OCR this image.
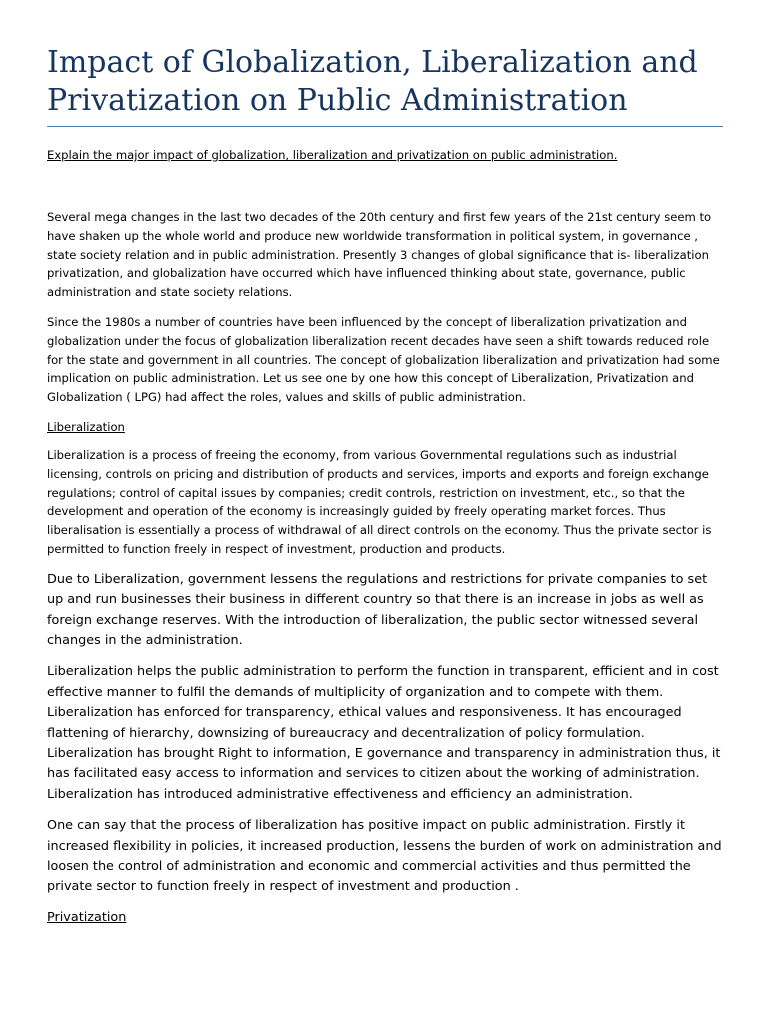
Impact of Globalization, Liberalization and Privatization on Public Administration
Explain the major impact of globalization, liberalization and privatization on public administration.

Several mega changes in the last two decades of the 20th century and first few years of the 21st century seem to have shaken up the whole world and produce new worldwide transformation in political system, in governance , state society relation and in public administration. Presently 3 changes of global significance that is- liberalization privatization, and globalization have occurred which have influenced thinking about state, governance, public administration and state society relations.

Since the 1980s a number of countries have been influenced by the concept of liberalization privatization and globalization under the focus of globalization liberalization recent decades have seen a shift towards reduced role for the state and government in all countries. The concept of globalization liberalization and privatization had some implication on public administration. Let us see one by one how this concept of Liberalization, Privatization and Globalization ( LPG) had affect the roles, values and skills of public administration.

Liberalization

Liberalization is a process of freeing the economy, from various Governmental regulations such as industrial licensing, controls on pricing and distribution of products and services, imports and exports and foreign exchange regulations; control of capital issues by companies; credit controls, restriction on investment, etc., so that the development and operation of the economy is increasingly guided by freely operating market forces. Thus liberalisation is essentially a process of withdrawal of all direct controls on the economy. Thus the private sector is permitted to function freely in respect of investment, production and products.

Due to Liberalization, government lessens the regulations and restrictions for private companies to set up and run businesses their business in different country so that there is an increase in jobs as well as foreign exchange reserves. With the introduction of liberalization, the public sector witnessed several changes in the administration.

Liberalization helps the public administration to perform the function in transparent, efficient and in cost effective manner to fulfil the demands of multiplicity of organization and to compete with them. Liberalization has enforced for transparency, ethical values and responsiveness. It has encouraged flattening of hierarchy, downsizing of bureaucracy and decentralization of policy formulation. Liberalization has brought Right to information, E governance and transparency in administration thus, it has facilitated easy access to information and services to citizen about the working of administration. Liberalization has introduced administrative effectiveness and efficiency an administration.

One can say that the process of liberalization has positive impact on public administration. Firstly it increased flexibility in policies, it increased production, lessens the burden of work on administration and loosen the control of administration and economic and commercial activities and thus permitted the private sector to function freely in respect of investment and production .

Privatization
